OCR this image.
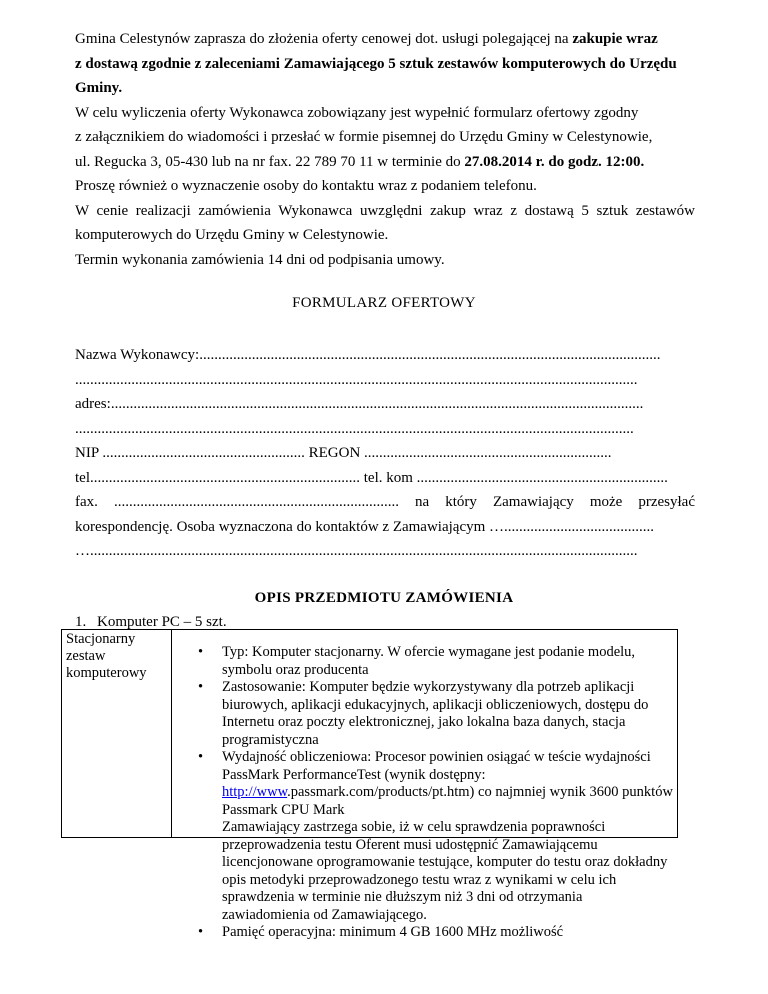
Gmina Celestynów zaprasza do złożenia oferty cenowej dot. usługi polegającej na zakupie wraz
z dostawą zgodnie z zaleceniami Zamawiającego 5 sztuk zestawów komputerowych do Urzędu
Gminy.
W celu wyliczenia oferty Wykonawca zobowiązany jest wypełnić formularz ofertowy zgodny
z załącznikiem do wiadomości i przesłać w formie pisemnej do Urzędu Gminy w Celestynowie,
ul. Regucka 3, 05-430 lub na nr fax. 22 789 70 11 w terminie do 27.08.2014 r. do godz. 12:00.
Proszę również o wyznaczenie osoby do kontaktu wraz z podaniem telefonu.
W cenie realizacji zamówienia Wykonawca uwzględni zakup wraz z dostawą 5 sztuk zestawów
komputerowych do Urzędu Gminy w Celestynowie.
Termin wykonania zamówienia 14 dni od podpisania umowy.
FORMULARZ OFERTOWY
Nazwa Wykonawcy:...........................................................................................................................
......................................................................................................................................................
adres:..............................................................................................................................................
.....................................................................................................................................................
NIP ...................................................... REGON ..................................................................
tel........................................................................ tel. kom ...................................................................
fax. ............................................................................ na który Zamawiający może przesyłać
korespondencję. Osoba wyznaczona do kontaktów z Zamawiającym …........................................
…..................................................................................................................................................
OPIS PRZEDMIOTU ZAMÓWIENIA

1. Komputer PC – 5 szt.

Stacjonarny zestaw komputerowy
• Typ: Komputer stacjonarny. W ofercie wymagane jest podanie modelu, symbolu oraz producenta
• Zastosowanie: Komputer będzie wykorzystywany dla potrzeb aplikacji biurowych, aplikacji edukacyjnych, aplikacji obliczeniowych, dostępu do Internetu oraz poczty elektronicznej, jako lokalna baza danych, stacja programistyczna
• Wydajność obliczeniowa: Procesor powinien osiągać w teście wydajności PassMark PerformanceTest (wynik dostępny: http://www.passmark.com/products/pt.htm) co najmniej wynik 3600 punktów Passmark CPU Mark
Zamawiający zastrzega sobie, iż w celu sprawdzenia poprawności przeprowadzenia testu Oferent musi udostępnić Zamawiającemu licencjonowane oprogramowanie testujące, komputer do testu oraz dokładny opis metodyki przeprowadzonego testu wraz z wynikami w celu ich sprawdzenia w terminie nie dłuższym niż 3 dni od otrzymania zawiadomienia od Zamawiającego.
• Pamięć operacyjna: minimum 4 GB 1600 MHz możliwość
